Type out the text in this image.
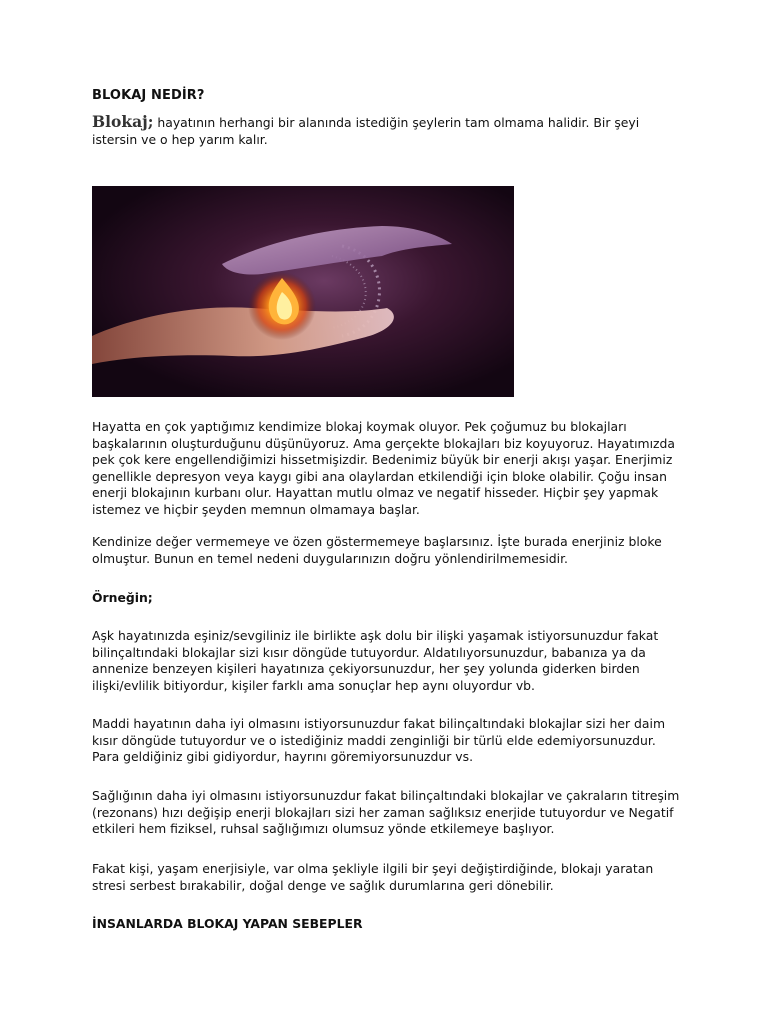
BLOKAJ NEDİR?

Blokaj; hayatının herhangi bir alanında istediğin şeylerin tam olmama halidir. Bir şeyi istersin ve o hep yarım kalır.

Hayatta en çok yaptığımız kendimize blokaj koymak oluyor. Pek çoğumuz bu blokajları başkalarının oluşturduğunu düşünüyoruz. Ama gerçekte blokajları biz koyuyoruz. Hayatımızda pek çok kere engellendiğimizi hissetmişizdir. Bedenimiz büyük bir enerji akışı yaşar. Enerjimiz genellikle depresyon veya kaygı gibi ana olaylardan etkilendiği için bloke olabilir. Çoğu insan enerji blokajının kurbanı olur. Hayattan mutlu olmaz ve negatif hisseder. Hiçbir şey yapmak istemez ve hiçbir şeyden memnun olmamaya başlar.

Kendinize değer vermemeye ve özen göstermemeye başlarsınız. İşte burada enerjiniz bloke olmuştur. Bunun en temel nedeni duygularınızın doğru yönlendirilmemesidir.

Örneğin;

Aşk hayatınızda eşiniz/sevgiliniz ile birlikte aşk dolu bir ilişki yaşamak istiyorsunuzdur fakat bilinçaltındaki blokajlar sizi kısır döngüde tutuyordur. Aldatılıyorsunuzdur, babanıza ya da annenize benzeyen kişileri hayatınıza çekiyorsunuzdur, her şey yolunda giderken birden ilişki/evlilik bitiyordur, kişiler farklı ama sonuçlar hep aynı oluyordur vb.

Maddi hayatının daha iyi olmasını istiyorsunuzdur fakat bilinçaltındaki blokajlar sizi her daim kısır döngüde tutuyordur ve o istediğiniz maddi zenginliği bir türlü elde edemiyorsunuzdur. Para geldiğiniz gibi gidiyordur, hayrını göremiyorsunuzdur vs.

Sağlığının daha iyi olmasını istiyorsunuzdur fakat bilinçaltındaki blokajlar ve çakraların titreşim (rezonans) hızı değişip enerji blokajları sizi her zaman sağlıksız enerjide tutuyordur ve Negatif etkileri hem fiziksel, ruhsal sağlığımızı olumsuz yönde etkilemeye başlıyor.

Fakat kişi, yaşam enerjisiyle, var olma şekliyle ilgili bir şeyi değiştirdiğinde, blokajı yaratan stresi serbest bırakabilir, doğal denge ve sağlık durumlarına geri dönebilir.

İNSANLARDA BLOKAJ YAPAN SEBEPLER
